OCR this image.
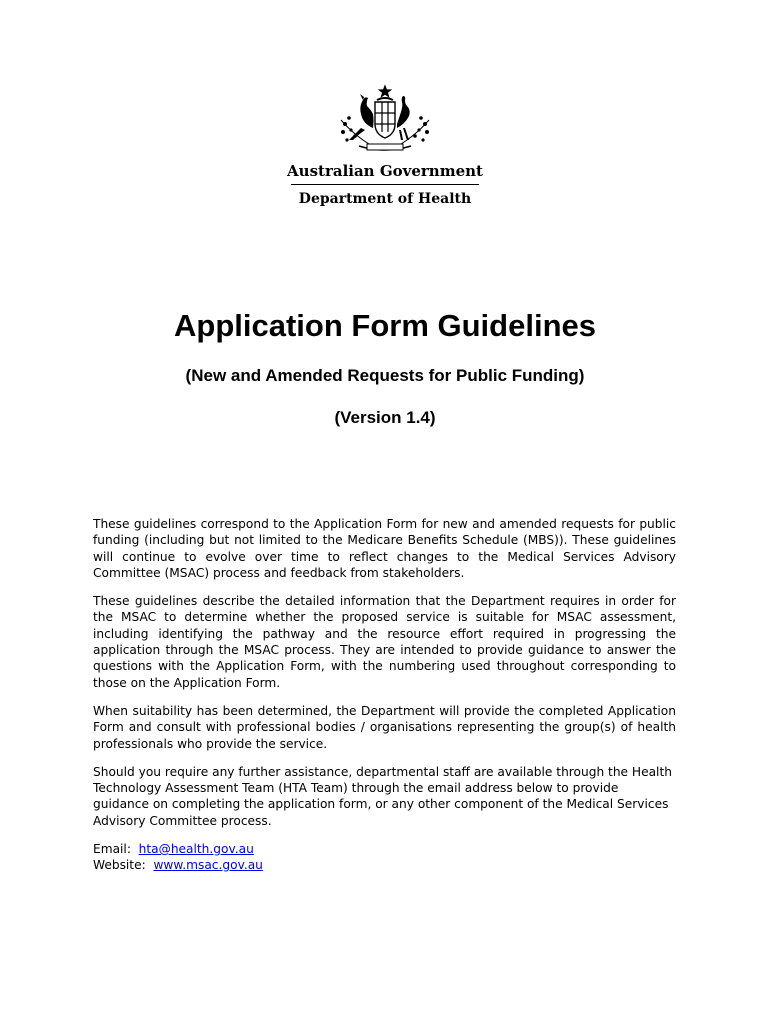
Australian Government
Department of Health
Application Form Guidelines
(New and Amended Requests for Public Funding)
(Version 1.4)

These guidelines correspond to the Application Form for new and amended requests for public funding (including but not limited to the Medicare Benefits Schedule (MBS)). These guidelines will continue to evolve over time to reflect changes to the Medical Services Advisory Committee (MSAC) process and feedback from stakeholders.

These guidelines describe the detailed information that the Department requires in order for the MSAC to determine whether the proposed service is suitable for MSAC assessment, including identifying the pathway and the resource effort required in progressing the application through the MSAC process. They are intended to provide guidance to answer the questions with the Application Form, with the numbering used throughout corresponding to those on the Application Form.

When suitability has been determined, the Department will provide the completed Application Form and consult with professional bodies / organisations representing the group(s) of health professionals who provide the service.

Should you require any further assistance, departmental staff are available through the Health Technology Assessment Team (HTA Team) through the email address below to provide guidance on completing the application form, or any other component of the Medical Services Advisory Committee process.

Email: hta@health.gov.au
Website: www.msac.gov.au
